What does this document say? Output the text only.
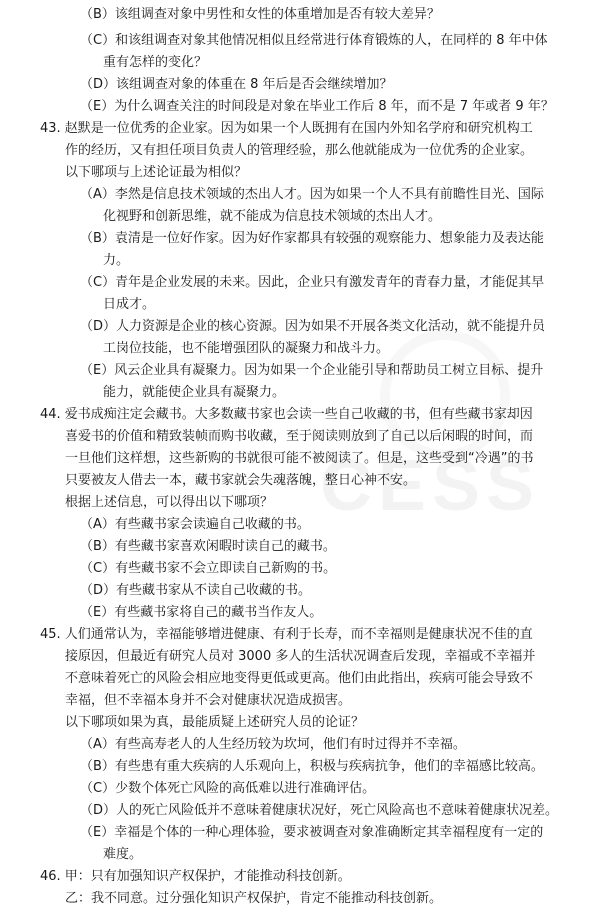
（B）该组调查对象中男性和女性的体重增加是否有较大差异？
（C）和该组调查对象其他情况相似且经常进行体育锻炼的人，在同样的 8 年中体
重有怎样的变化？
（D）该组调查对象的体重在 8 年后是否会继续增加？
（E）为什么调查关注的时间段是对象在毕业工作后 8 年，而不是 7 年或者 9 年？
43. 赵默是一位优秀的企业家。因为如果一个人既拥有在国内外知名学府和研究机构工
作的经历，又有担任项目负责人的管理经验，那么他就能成为一位优秀的企业家。
以下哪项与上述论证最为相似？
（A）李然是信息技术领域的杰出人才。因为如果一个人不具有前瞻性目光、国际
化视野和创新思维，就不能成为信息技术领域的杰出人才。
（B）袁清是一位好作家。因为好作家都具有较强的观察能力、想象能力及表达能
力。
（C）青年是企业发展的未来。因此，企业只有激发青年的青春力量，才能促其早
日成才。
（D）人力资源是企业的核心资源。因为如果不开展各类文化活动，就不能提升员
工岗位技能，也不能增强团队的凝聚力和战斗力。
（E）风云企业具有凝聚力。因为如果一个企业能引导和帮助员工树立目标、提升
能力，就能使企业具有凝聚力。
44. 爱书成痴注定会藏书。大多数藏书家也会读一些自己收藏的书，但有些藏书家却因
喜爱书的价值和精致装帧而购书收藏，至于阅读则放到了自己以后闲暇的时间，而
一旦他们这样想，这些新购的书就很可能不被阅读了。但是，这些受到“冷遇”的书
只要被友人借去一本，藏书家就会失魂落魄，整日心神不安。
根据上述信息，可以得出以下哪项？
（A）有些藏书家会读遍自己收藏的书。
（B）有些藏书家喜欢闲暇时读自己的藏书。
（C）有些藏书家不会立即读自己新购的书。
（D）有些藏书家从不读自己收藏的书。
（E）有些藏书家将自己的藏书当作友人。
45. 人们通常认为，幸福能够增进健康、有利于长寿，而不幸福则是健康状况不佳的直
接原因，但最近有研究人员对 3000 多人的生活状况调查后发现，幸福或不幸福并
不意味着死亡的风险会相应地变得更低或更高。他们由此指出，疾病可能会导致不
幸福，但不幸福本身并不会对健康状况造成损害。
以下哪项如果为真，最能质疑上述研究人员的论证？
（A）有些高寿老人的人生经历较为坎坷，他们有时过得并不幸福。
（B）有些患有重大疾病的人乐观向上，积极与疾病抗争，他们的幸福感比较高。
（C）少数个体死亡风险的高低难以进行准确评估。
（D）人的死亡风险低并不意味着健康状况好，死亡风险高也不意味着健康状况差。
（E）幸福是个体的一种心理体验，要求被调查对象准确断定其幸福程度有一定的
难度。
46. 甲：只有加强知识产权保护，才能推动科技创新。
乙：我不同意。过分强化知识产权保护，肯定不能推动科技创新。
